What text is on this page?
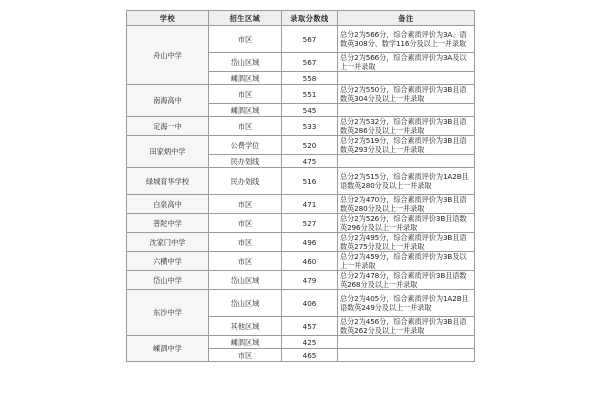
学校	招生区域	录取分数线	备注
舟山中学	市区	567	总分2为566分，综合素质评价为3A、语数英308分、数学116分及以上一并录取
	岱山区域	567	总分2为566分，综合素质评价为3A及以上一并录取
	嵊泗区域	558	
南海高中	市区	551	总分2为550分，综合素质评价为3B且语数英304分及以上一并录取
	嵊泗区域	545	
定海一中	市区	533	总分2为532分，综合素质评价为3B且语数英286分及以上一并录取
田家炳中学	公费学位	520	总分2为519分，综合素质评价为3B且语数英293分及以上一并录取
	民办划线	475	
绿城育华学校	民办划线	516	总分2为515分，综合素质评价为1A2B且语数英280分及以上一并录取
白泉高中	市区	471	总分2为470分，综合素质评价为3B且语数英280分及以上一并录取
普陀中学	市区	527	总分2为526分，综合素质评价3B且语数英296分及以上一并录取
沈家门中学	市区	496	总分2为495分，综合素质评价为3B且语数英275分及以上一并录取
六横中学	市区	460	总分2为459分，综合素质评价为3B及以上一并录取
岱山中学	岱山区域	479	总分2为478分，综合素质评价3B且语数英268分及以上一并录取
东沙中学	岱山区域	406	总分2为405分，综合素质评价为1A2B且语数英249分及以上一并录取
	其他区域	457	总分2为456分，综合素质评价为3B且语数英262分及以上一并录取
嵊泗中学	嵊泗区域	425	
	市区	465	
